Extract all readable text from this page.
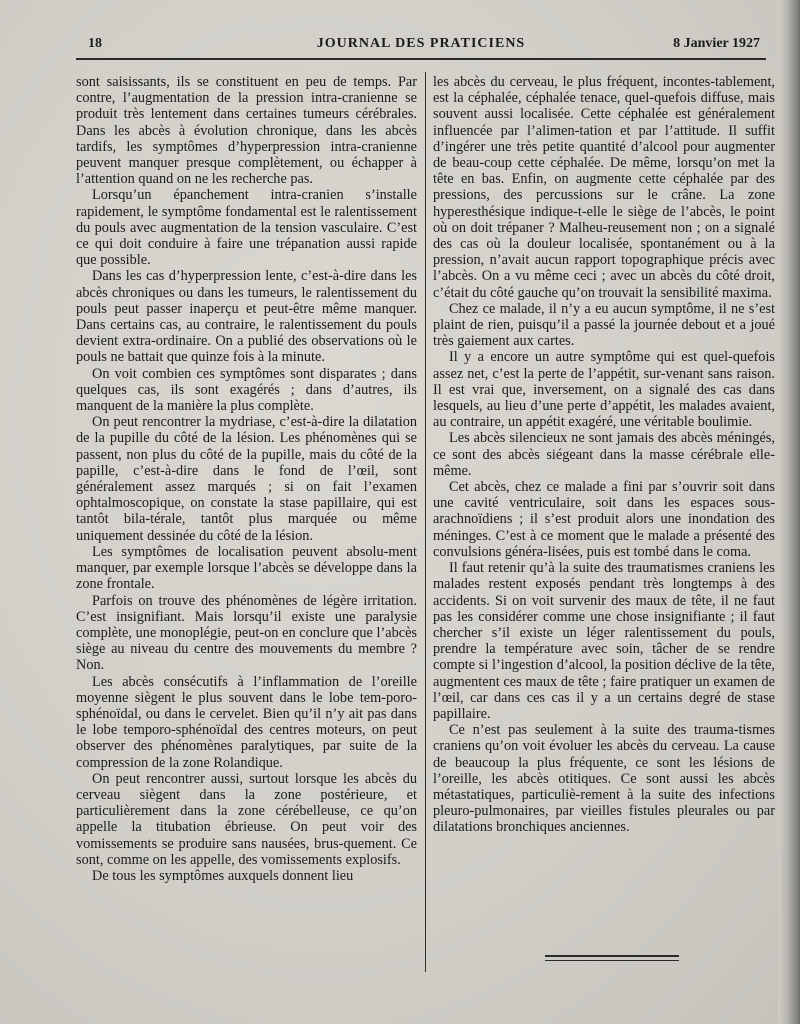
18	JOURNAL DES PRATICIENS	8 Janvier 1927

sont saisissants, ils se constituent en peu de temps. Par contre, l’augmentation de la pression intra-cranienne se produit très lentement dans certaines tumeurs cérébrales. Dans les abcès à évolution chronique, dans les abcès tardifs, les symptômes d’hyperpression intra-cranienne peuvent manquer presque complètement, ou échapper à l’attention quand on ne les recherche pas.

Lorsqu’un épanchement intra-cranien s’installe rapidement, le symptôme fondamental est le ralentissement du pouls avec augmentation de la tension vasculaire. C’est ce qui doit conduire à faire une trépanation aussi rapide que possible.

Dans les cas d’hyperpression lente, c’est-à-dire dans les abcès chroniques ou dans les tumeurs, le ralentissement du pouls peut passer inaperçu et peut-être même manquer. Dans certains cas, au contraire, le ralentissement du pouls devient extra-ordinaire. On a publié des observations où le pouls ne battait que quinze fois à la minute.

On voit combien ces symptômes sont disparates ; dans quelques cas, ils sont exagérés ; dans d’autres, ils manquent de la manière la plus complète.

On peut rencontrer la mydriase, c’est-à-dire la dilatation de la pupille du côté de la lésion. Les phénomènes qui se passent, non plus du côté de la pupille, mais du côté de la papille, c’est-à-dire dans le fond de l’œil, sont généralement assez marqués ; si on fait l’examen ophtalmoscopique, on constate la stase papillaire, qui est tantôt bila-térale, tantôt plus marquée ou même uniquement dessinée du côté de la lésion.

Les symptômes de localisation peuvent absolu-ment manquer, par exemple lorsque l’abcès se développe dans la zone frontale.

Parfois on trouve des phénomènes de légère irritation. C’est insignifiant. Mais lorsqu’il existe une paralysie complète, une monoplégie, peut-on en conclure que l’abcès siège au niveau du centre des mouvements du membre ? Non.

Les abcès consécutifs à l’inflammation de l’oreille moyenne siègent le plus souvent dans le lobe tem-poro-sphénoïdal, ou dans le cervelet. Bien qu’il n’y ait pas dans le lobe temporo-sphénoïdal des centres moteurs, on peut observer des phénomènes paralytiques, par suite de la compression de la zone Rolandique.

On peut rencontrer aussi, surtout lorsque les abcès du cerveau siègent dans la zone postérieure, et particulièrement dans la zone cérébelleuse, ce qu’on appelle la titubation ébrieuse. On peut voir des vomissements se produire sans nausées, brus-quement. Ce sont, comme on les appelle, des vomissements explosifs.

De tous les symptômes auxquels donnent lieu

les abcès du cerveau, le plus fréquent, incontes-tablement, est la céphalée, céphalée tenace, quel-quefois diffuse, mais souvent aussi localisée. Cette céphalée est généralement influencée par l’alimen-tation et par l’attitude. Il suffit d’ingérer une très petite quantité d’alcool pour augmenter de beau-coup cette céphalée. De même, lorsqu’on met la tête en bas. Enfin, on augmente cette céphalée par des pressions, des percussions sur le crâne. La zone hyperesthésique indique-t-elle le siège de l’abcès, le point où on doit trépaner ? Malheu-reusement non ; on a signalé des cas où la douleur localisée, spontanément ou à la pression, n’avait aucun rapport topographique précis avec l’abcès. On a vu même ceci ; avec un abcès du côté droit, c’était du côté gauche qu’on trouvait la sensibilité maxima.

Chez ce malade, il n’y a eu aucun symptôme, il ne s’est plaint de rien, puisqu’il a passé la journée debout et a joué très gaiement aux cartes.

Il y a encore un autre symptôme qui est quel-quefois assez net, c’est la perte de l’appétit, sur-venant sans raison. Il est vrai que, inversement, on a signalé des cas dans lesquels, au lieu d’une perte d’appétit, les malades avaient, au contraire, un appétit exagéré, une véritable boulimie.

Les abcès silencieux ne sont jamais des abcès méningés, ce sont des abcès siégeant dans la masse cérébrale elle-même.

Cet abcès, chez ce malade a fini par s’ouvrir soit dans une cavité ventriculaire, soit dans les espaces sous-arachnoïdiens ; il s’est produit alors une inondation des méninges. C’est à ce moment que le malade a présenté des convulsions généra-lisées, puis est tombé dans le coma.

Il faut retenir qu’à la suite des traumatismes craniens les malades restent exposés pendant très longtemps à des accidents. Si on voit survenir des maux de tête, il ne faut pas les considérer comme une chose insignifiante ; il faut chercher s’il existe un léger ralentissement du pouls, prendre la température avec soin, tâcher de se rendre compte si l’ingestion d’alcool, la position déclive de la tête, augmentent ces maux de tête ; faire pratiquer un examen de l’œil, car dans ces cas il y a un certains degré de stase papillaire.

Ce n’est pas seulement à la suite des trauma-tismes craniens qu’on voit évoluer les abcès du cerveau. La cause de beaucoup la plus fréquente, ce sont les lésions de l’oreille, les abcès otitiques. Ce sont aussi les abcès métastatiques, particuliè-rement à la suite des infections pleuro-pulmonaires, par vieilles fistules pleurales ou par dilatations bronchiques anciennes.
